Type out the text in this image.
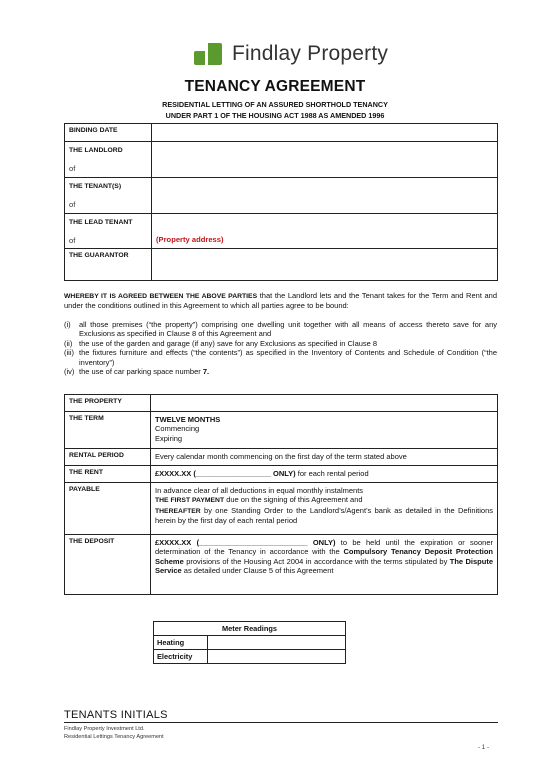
Findlay Property
TENANCY AGREEMENT
RESIDENTIAL LETTING OF AN ASSURED SHORTHOLD TENANCY
UNDER PART 1 OF THE HOUSING ACT 1988 AS AMENDED 1996
BINDING DATE	
THE LANDLORD
of	

THE TENANT(S)
of	

THE LEAD TENANT
of	(Property address)

THE GUARANTOR	
WHEREBY IT IS AGREED BETWEEN THE ABOVE PARTIES that the Landlord lets and the Tenant takes for the Term and Rent and under the conditions outlined in this Agreement to which all parties agree to be bound:
(i)	all those premises (“the property”) comprising one dwelling unit together with all means of access thereto save for any Exclusions as specified in Clause 8 of this Agreement and
(ii) the use of the garden and garage (if any) save for any Exclusions as specified in Clause 8
(iii) the fixtures furniture and effects (“the contents”) as specified in the Inventory of Contents and Schedule of Condition (“the inventory”)
(iv) the use of car parking space number 7.
THE PROPERTY	
THE TERM	TWELVE MONTHS
Commencing
Expiring

RENTAL PERIOD	Every calendar month commencing on the first day of the term stated above
THE RENT	£XXXX.XX (__________________ ONLY) for each rental period
PAYABLE	In advance clear of all deductions in equal monthly instalments
THE FIRST PAYMENT due on the signing of this Agreement and
THEREAFTER by one Standing Order to the Landlord’s/Agent’s bank as detailed in the Definitions herein by the first day of each rental period

THE DEPOSIT	£XXXX.XX (__________________________ ONLY) to be held until the expiration or sooner determination of the Tenancy in accordance with the Compulsory Tenancy Deposit Protection Scheme provisions of the Housing Act 2004 in accordance with the terms stipulated by The Dispute Service as detailed under Clause 5 of this Agreement
Meter Readings	
Heating	
Electricity	
TENANTS INITIALS
Findlay Property Investment Ltd.
Residential Lettings Tenancy Agreement
- 1 -
